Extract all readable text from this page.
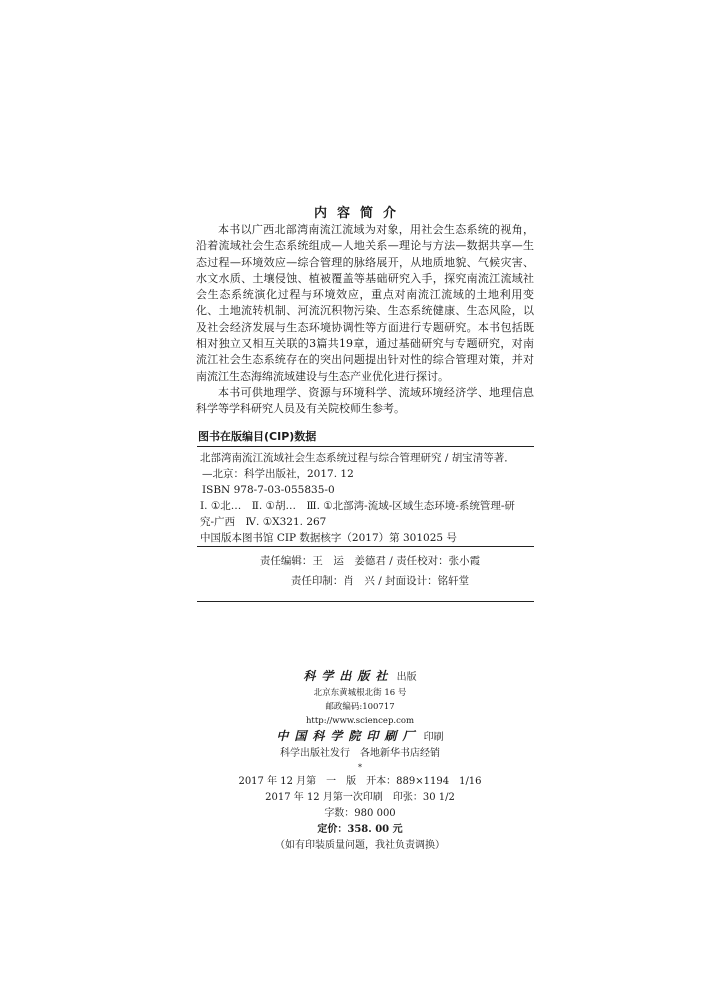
内容简介

本书以广西北部湾南流江流域为对象，用社会生态系统的视角，沿着流域社会生态系统组成—人地关系—理论与方法—数据共享—生态过程—环境效应—综合管理的脉络展开，从地质地貌、气候灾害、水文水质、土壤侵蚀、植被覆盖等基础研究入手，探究南流江流域社会生态系统演化过程与环境效应，重点对南流江流域的土地利用变化、土地流转机制、河流沉积物污染、生态系统健康、生态风险，以及社会经济发展与生态环境协调性等方面进行专题研究。本书包括既相对独立又相互关联的3篇共19章，通过基础研究与专题研究，对南流江社会生态系统存在的突出问题提出针对性的综合管理对策，并对南流江生态海绵流域建设与生态产业优化进行探讨。

本书可供地理学、资源与环境科学、流域环境经济学、地理信息科学等学科研究人员及有关院校师生参考。

图书在版编目(CIP)数据
北部湾南流江流域社会生态系统过程与综合管理研究 / 胡宝清等著．
—北京：科学出版社，2017. 12
ISBN 978-7-03-055835-0
Ⅰ. ①北…　Ⅱ. ①胡…　Ⅲ. ①北部湾-流域-区域生态环境-系统管理-研
究-广西　Ⅳ. ①X321. 267
中国版本图书馆 CIP 数据核字（2017）第 301025 号
责任编辑：王　运　姜德君 / 责任校对：张小霞
责任印制：肖　兴 / 封面设计：铭轩堂
科学出版社 出版
北京东黄城根北街 16 号
邮政编码:100717
http://www.sciencep.com
中国科学院印刷厂 印刷
科学出版社发行　各地新华书店经销
*
2017 年 12 月第　一　版　开本：889×1194　1/16
2017 年 12 月第一次印刷　印张：30 1/2
字数：980 000
定价：358. 00 元
（如有印装质量问题，我社负责调换）
